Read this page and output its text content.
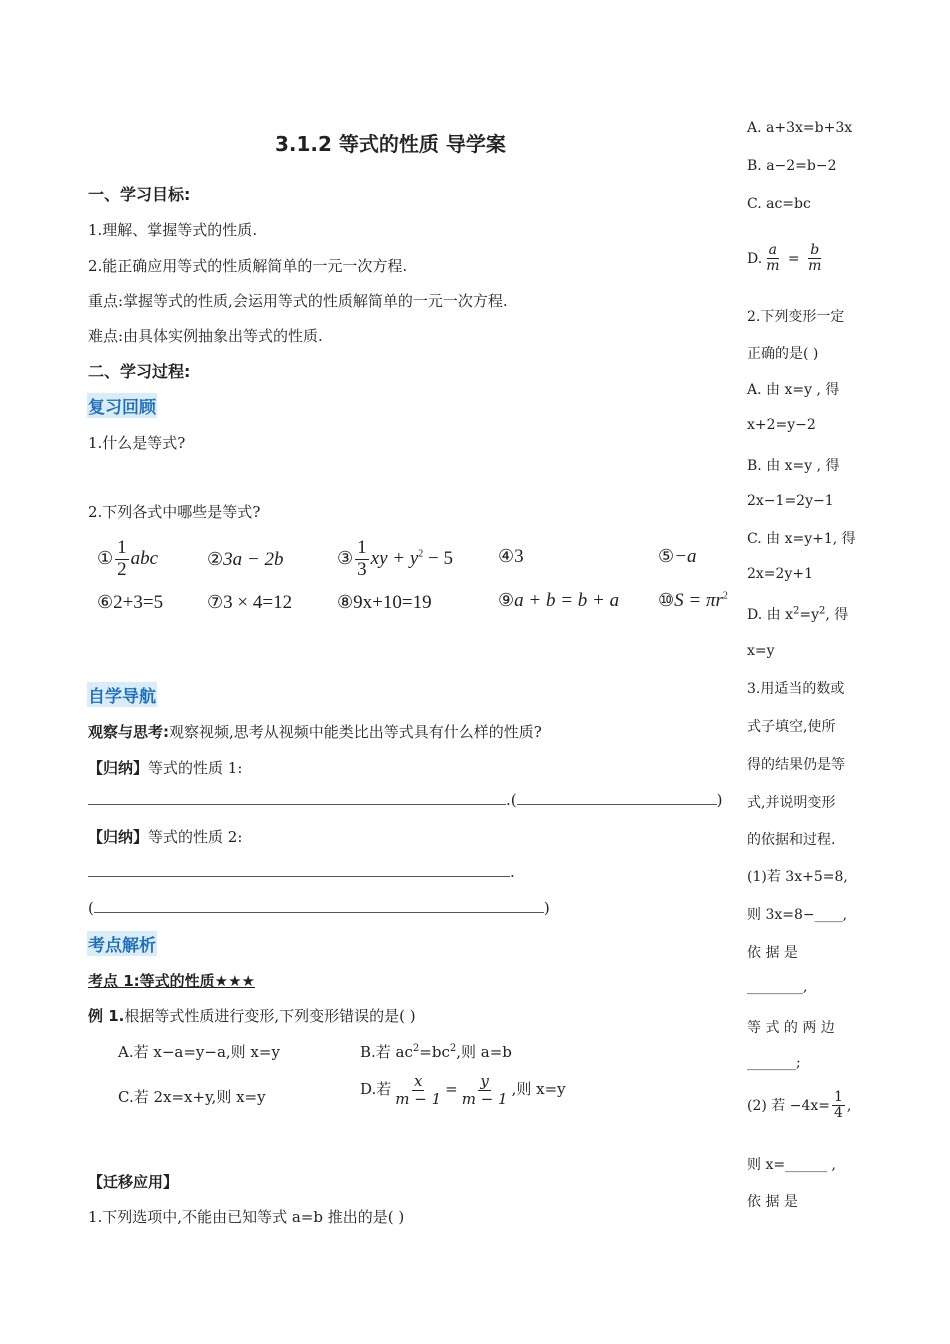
3.1.2 等式的性质 导学案
一、学习目标:
1.理解、掌握等式的性质.
2.能正确应用等式的性质解简单的一元一次方程.
重点:掌握等式的性质,会运用等式的性质解简单的一元一次方程.
难点:由具体实例抽象出等式的性质.
二、学习过程:
复习回顾
1.什么是等式?
2.下列各式中哪些是等式?
① $\frac{1}{2}$ abc	②3a − 2b	③ $\frac{1}{3}$ xy + $y^2 - 5$	④3	⑤−a
⑥2+3=5 ⑦3 × 4=12 ⑧9x+10=19	⑨a + b = b + a ⑩S = $\pi r^2$
自学导航
观察与思考:观察视频,思考从视频中能类比出等式具有什么样的性质?
【归纳】等式的性质 1:
.(	)
【归纳】等式的性质 2:
.
(	)
考点解析
考点 1:等式的性质★★★
例 1.根据等式性质进行变形,下列变形错误的是( )
A.若 x−a=y−a,则 x=y	B.若 $ac^2=bc^2$,则 a=b
C.若 2x=x+y,则 x=y	D.若 $\frac{x}{m - 1} = \frac{y}{m - 1}$ ,则 x=y
【迁移应用】
1.下列选项中,不能由已知等式 a=b 推出的是( )
A. a+3x=b+3x
B. a−2=b−2
C. ac=bc
D. $\frac{a}{m} = \frac{b}{m}$
2.下列变形一定
正确的是( )
A. 由 x=y , 得
x+2=y−2
B. 由 x=y , 得
2x−1=2y−1
C. 由 x=y+1, 得
2x=2y+1
D. 由 $x^2=y^2$, 得
x=y
3.用适当的数或
式子填空,使所
得的结果仍是等
式,并说明变形
的依据和过程.
(1)若 3x+5=8,
则 3x=8−____,
依 据 是
________,
等 式 的 两 边
_______;
(2) 若 $-4x= \frac{1}{4}$ ,
则 x=______ ,
依 据 是
